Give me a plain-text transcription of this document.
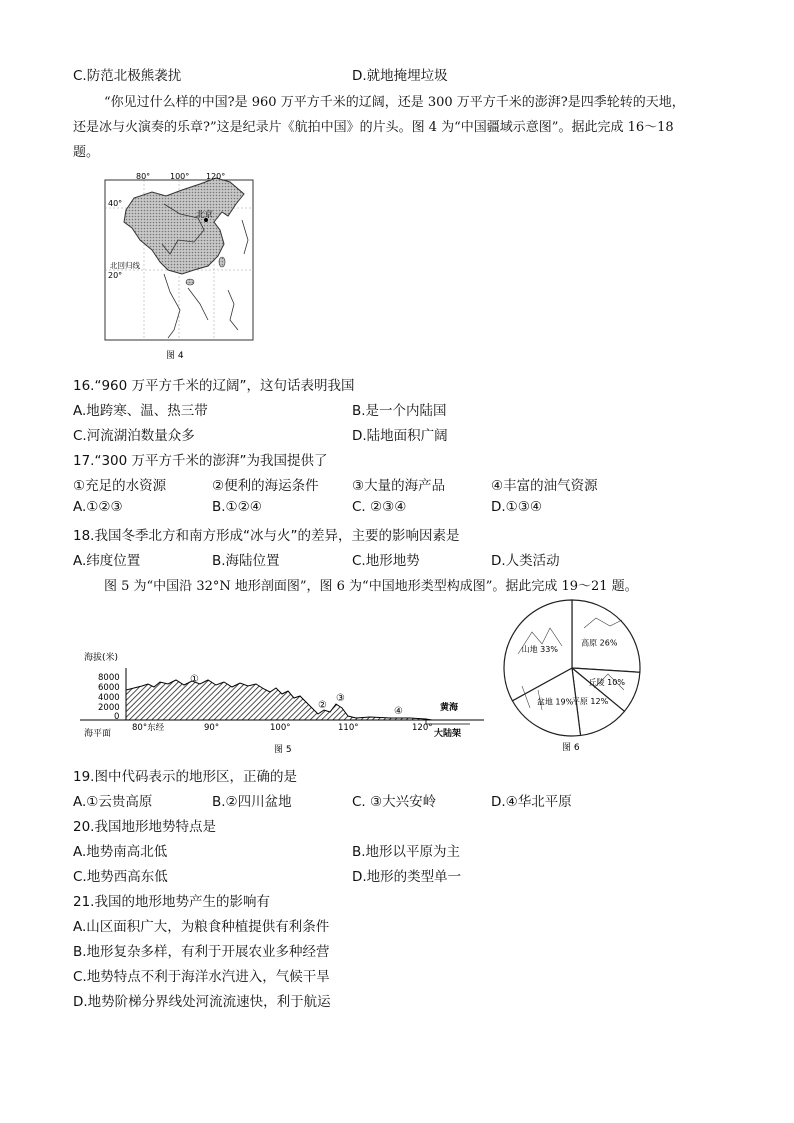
C.防范北极熊袭扰	D.就地掩埋垃圾
“你见过什么样的中国?是 960 万平方千米的辽阔，还是 300 万平方千米的澎湃?是四季轮转的天地，
还是冰与火演奏的乐章?”这是纪录片《航拍中国》的片头。图 4 为“中国疆域示意图”。据此完成 16～18
题。
北京
80° 100° 120°
40°
北回归线
20°
图 4
16.“960 万平方千米的辽阔”，这句话表明我国
A.地跨寒、温、热三带	B.是一个内陆国
C.河流湖泊数量众多	D.陆地面积广阔
17.“300 万平方千米的澎湃”为我国提供了
①充足的水资源	②便利的海运条件 ③大量的海产品	④丰富的油气资源
A.①②③	B.①②④	C. ②③④	D.①③④
18.我国冬季北方和南方形成“冰与火”的差异，主要的影响因素是
A.纬度位置	B.海陆位置	C.地形地势	D.人类活动
图 5 为“中国沿 32°N 地形剖面图”，图 6 为“中国地形类型构成图”。据此完成 19～21 题。
海拔(米)
8000
6000
4000
2000
0
①
②
③
④	黄海
海平面
80°东经	90°	100°	110°	120°
大陆架
图 5
高原 26%
丘陵 10%
平原 12%
盆地 19%
山地 33%
图 6
19.图中代码表示的地形区，正确的是
A.①云贵高原	B.②四川盆地	C. ③大兴安岭	D.④华北平原
20.我国地形地势特点是
A.地势南高北低	B.地形以平原为主
C.地势西高东低	D.地形的类型单一
21.我国的地形地势产生的影响有
A.山区面积广大，为粮食种植提供有利条件
B.地形复杂多样，有利于开展农业多种经营
C.地势特点不利于海洋水汽进入，气候干旱
D.地势阶梯分界线处河流流速快，利于航运
